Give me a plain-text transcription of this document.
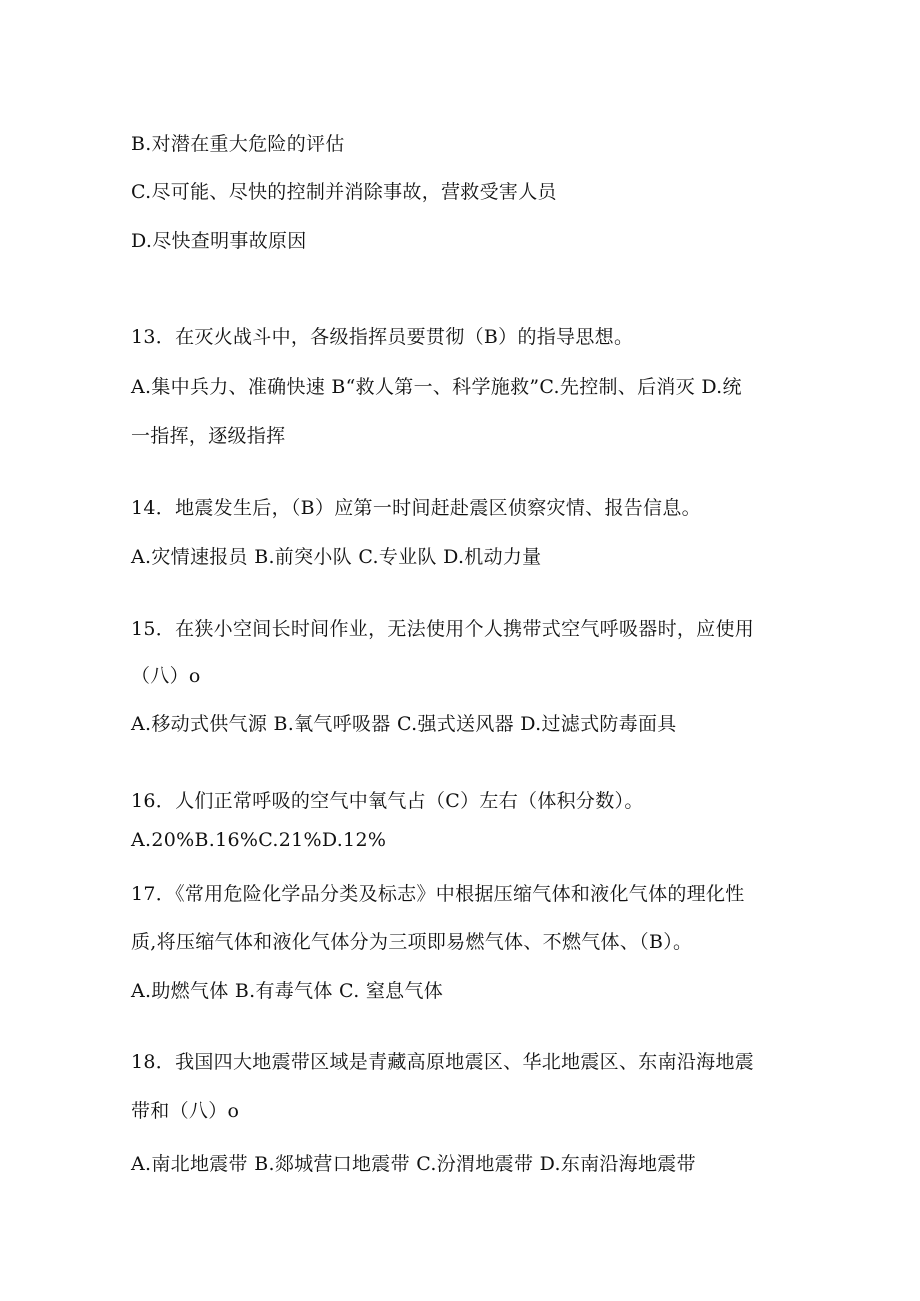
B.对潜在重大危险的评估
C.尽可能、尽快的控制并消除事故，营救受害人员
D.尽快查明事故原因
13．在灭火战斗中，各级指挥员要贯彻（B）的指导思想。
A.集中兵力、准确快速 B“救人第一、科学施救”C.先控制、后消灭 D.统
一指挥，逐级指挥
14．地震发生后，（B）应第一时间赶赴震区侦察灾情、报告信息。
A.灾情速报员 B.前突小队 C.专业队 D.机动力量
15．在狭小空间长时间作业，无法使用个人携带式空气呼吸器时，应使用
（八）o
A.移动式供气源 B.氧气呼吸器 C.强式送风器 D.过滤式防毒面具
16．人们正常呼吸的空气中氧气占（C）左右（体积分数）。
A.20%B.16%C.21%D.12%
17．《常用危险化学品分类及标志》中根据压缩气体和液化气体的理化性
质,将压缩气体和液化气体分为三项即易燃气体、不燃气体、（B）。
A.助燃气体 B.有毒气体 C. 窒息气体
18．我国四大地震带区域是青藏高原地震区、华北地震区、东南沿海地震
带和（八）o
A.南北地震带 B.郯城营口地震带 C.汾渭地震带 D.东南沿海地震带
